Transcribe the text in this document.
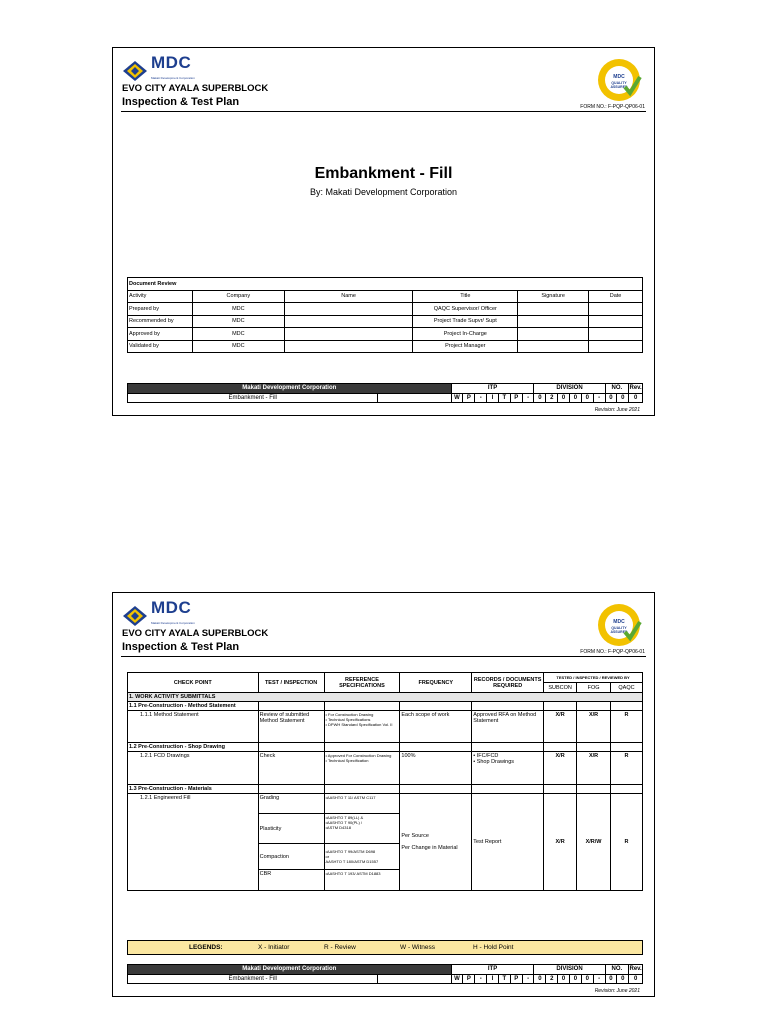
MDC
Makati Development Corporation
EVO CITY AYALA SUPERBLOCK
Inspection & Test Plan
MDC
QUALITY
ASSURED
FORM NO.: F-PQP-QP06-01
Embankment - Fill
By: Makati Development Corporation
Document Review					
Activity	Company	Name	Title	Signature	Date
Prepared by	MDC		QAQC Supervisor/ Officer		
Recommended by	MDC		Project Trade Supvr/ Supt		
Approved by	MDC		Project In-Charge		
Validated by	MDC		Project Manager		
Makati Development Corporation		ITP							DIVISION						NO.		Rev.
Embankment - Fill		W	P	-	I	T	P	-	0	2	0	0	0	-	0	0	0
Revision: June 2021
MDC
Makati Development Corporation
EVO CITY AYALA SUPERBLOCK
Inspection & Test Plan
MDC
QUALITY
ASSURED
FORM NO.: F-PQP-QP06-01
CHECK POINT	TEST / INSPECTION	REFERENCE SPECIFICATIONS	FREQUENCY	RECORDS / DOCUMENTS REQUIRED	TESTED / INSPECTED / REVIEWED BY		
					SUBCON	FOG	QAQC
1. WORK ACTIVITY SUBMITTALS							
1.1 Pre-Construction - Method Statement							
1.1.1 Method Statement	Review of submitted Method Statement	• For Construction Drawing
• Technical Specifications
• DPWH Standard Specification Vol. II	Each scope of work	Approved RFA on Method Statement	X/R	X/R	R
1.2 Pre-Construction - Shop Drawing							
1.2.1 FCD Drawings	Check	• Approved For Construction Drawing
• Technical Specification	100%	• IFC/FCD
• Shop Drawings	X/R	X/R	R
1.3 Pre-Construction - Materials							
1.2.1 Engineered Fill	Grading	•AASHTO T 11/ ASTM C117	Per Source
Per Change in Material	Test Report	X/R	X/R/W	R
	Plasticity	•AASHTO T 89(LL) &
•AASHTO T 90(PL) /
•ASTM D4318					
	Compaction	•AASHTO T 99/ASTM D698
or
AASHTO T 180/ASTM D1557					
	CBR	•AASHTO T 193/ ASTM D1883					
LEGENDS:	X - Initiator	R - Review	W - Witness	H - Hold Point
Makati Development Corporation		ITP							DIVISION						NO.		Rev.
Embankment - Fill		W	P	-	I	T	P	-	0	2	0	0	0	-	0	0	0
Revision: June 2021
